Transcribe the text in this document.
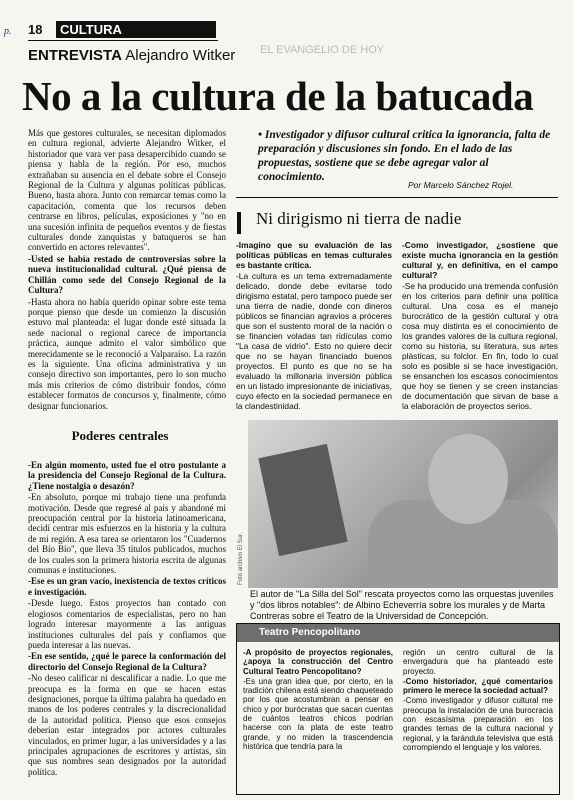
p. 18	CULTURA
EL EVANGELIO DE HOY
ENTREVISTA Alejandro Witker
No a la cultura de la batucada

Más que gestores culturales, se necesitan diplomados en cultura regional, advierte Alejandro Witker, el historiador que vara ver pasa desapercibido cuando se piensa y habla de la región. Por eso, muchos extrañaban su ausencia en el debate sobre el Consejo Regional de la Cultura y algunas políticas públicas. Bueno, hasta ahora. Junto con remarcar temas como la capacitación, comenta que los recursos deben centrarse en libros, películas, exposiciones y "no en una sucesión infinita de pequeños eventos y de fiestas culturales donde zanquistas y batuqueros se han convertido en actores relevantes".

-Usted se había restado de controversias sobre la nueva institucionalidad cultural. ¿Qué piensa de Chillán como sede del Consejo Regional de la Cultura?

-Hasta ahora no había querido opinar sobre este tema porque pienso que desde un comienzo la discusión estuvo mal planteada: el lugar donde esté situada la sede nacional o regional carece de importancia práctica, aunque admito el valor simbólico que merecidamente se le reconoció a Valparaíso. La razón es la siguiente. Una oficina administrativa y un consejo directivo son importantes, pero lo son mucho más mis criterios de cómo distribuir fondos, cómo establecer formatos de concursos y, finalmente, cómo designar funcionarios.

Poderes centrales

-En algún momento, usted fue el otro postulante a la presidencia del Consejo Regional de la Cultura. ¿Tiene nostalgia o desazón?

-En absoluto, porque mi trabajo tiene una profunda motivación. Desde que regresé al país y abandoné mi preocupación central por la historia latinoamericana, decidí centrar mis esfuerzos en la historia y la cultura de mi región. A esa tarea se orientaron los "Cuadernos del Bío Bío", que lleva 35 títulos publicados, muchos de los cuales son la primera historia escrita de algunas comunas e instituciones.

-Ese es un gran vacío, inexistencia de textos críticos e investigación.

-Desde luego. Estos proyectos han contado con elogiosos comentarios de especialistas, pero no han logrado interesar mayormente a las antiguas instituciones culturales del país y confiamos que pueda interesar a las nuevas.

-En ese sentido, ¿qué le parece la conformación del directorio del Consejo Regional de la Cultura?

-No deseo calificar ni descalificar a nadie. Lo que me preocupa es la forma en que se hacen estas designaciones, porque la última palabra ha quedado en manos de los poderes centrales y la discrecionalidad de la autoridad política. Pienso que esos consejos deberían estar integrados por actores culturales vinculados, en primer lugar, a las universidades y a las principales agrupaciones de escritores y artistas, sin que sus nombres sean designados por la autoridad política.

• Investigador y difusor cultural critica la ignorancia, falta de preparación y discusiones sin fondo. En el lado de las propuestas, sostiene que se debe agregar valor al conocimiento.
Por Marcelo Sánchez Rojel.
Ni dirigismo ni tierra de nadie

-Imagino que su evaluación de las políticas públicas en temas culturales es bastante crítica.

-La cultura es un tema extremadamente delicado, donde debe evitarse todo dirigismo estatal, pero tampoco puede ser una tierra de nadie, donde con dineros públicos se financian agravios a próceres que son el sustento moral de la nación o se financien voladas tan ridículas como "La casa de vidrio". Esto no quiere decir que no se hayan financiado buenos proyectos. El punto es que no se ha evaluado la millonaria inversión pública en un listado impresionante de iniciativas, cuyo efecto en la sociedad permanece en la clandestinidad.

-Como investigador, ¿sostiene que existe mucha ignorancia en la gestión cultural y, en definitiva, en el campo cultural?

-Se ha producido una tremenda confusión en los criterios para definir una política cultural. Una cosa es el manejo burocrático de la gestión cultural y otra cosa muy distinta es el conocimiento de los grandes valores de la cultura regional, como su historia, su literatura, sus artes plásticas, su folclor. En fin, todo lo cual solo es posible si se hace investigación, se ensanchen los escasos conocimientos que hoy se tienen y se creen instancias de documentación que sirvan de base a la elaboración de proyectos serios.

Foto archivo El Sur.
El autor de "La Silla del Sol" rescata proyectos como las orquestas juveniles y "dos libros notables": de Albino Echeverría sobre los murales y de Marta Contreras sobre el Teatro de la Universidad de Concepción.
Teatro Pencopolitano

-A propósito de proyectos regionales, ¿apoya la construcción del Centro Cultural Teatro Pencopolitano?

-Es una gran idea que, por cierto, en la tradición chilena está siendo chaqueteado por los que acostumbran a pensar en chico y por burócratas que sacan cuentas de cuántos teatros chicos podrían hacerse con la plata de este teatro grande, y no miden la trascendencia histórica que tendría para la

región un centro cultural de la envergadura que ha planteado este proyecto.

-Como historiador, ¿qué comentarios primero le merece la sociedad actual?

-Como investigador y difusor cultural me preocupa la instalación de una burocracia con escasísima preparación en los grandes temas de la cultura nacional y regional, y la farándula televisiva que está corrompiendo el lenguaje y los valores.
